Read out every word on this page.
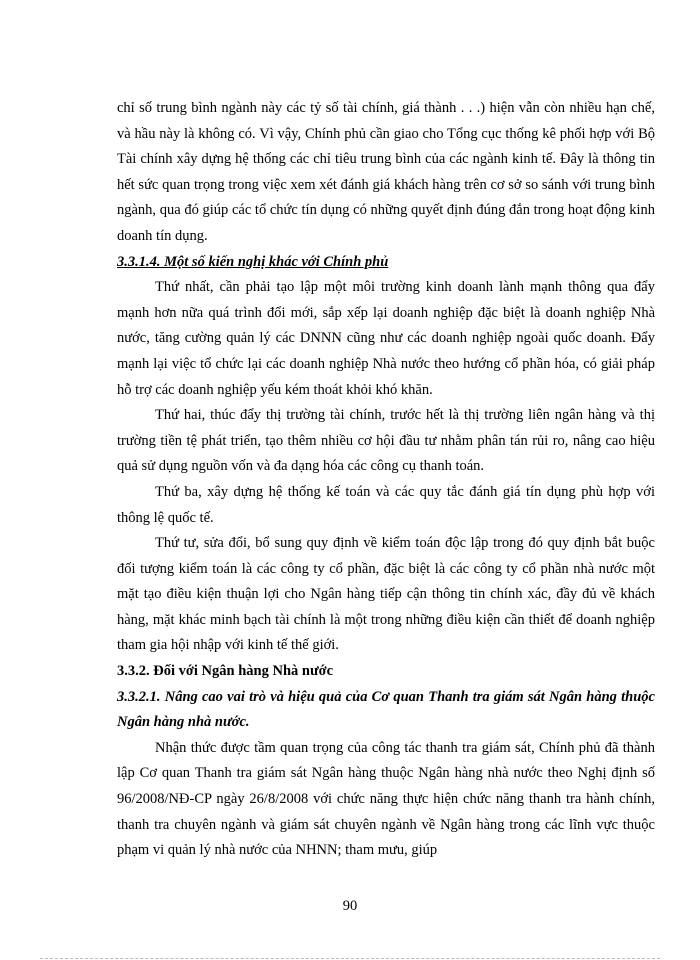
chỉ số trung bình ngành này các tỷ số tài chính, giá thành . . .) hiện vẫn còn nhiều hạn chế, và hầu này là không có. Vì vậy, Chính phủ cần giao cho Tổng cục thống kê phối hợp với Bộ Tài chính xây dựng hệ thống các chỉ tiêu trung bình của các ngành kinh tế. Đây là thông tin hết sức quan trọng trong việc xem xét đánh giá khách hàng trên cơ sở so sánh với trung bình ngành, qua đó giúp các tổ chức tín dụng có những quyết định đúng đắn trong hoạt động kinh doanh tín dụng.

3.3.1.4. Một số kiến nghị khác với Chính phủ

Thứ nhất, cần phải tạo lập một môi trường kinh doanh lành mạnh thông qua đẩy mạnh hơn nữa quá trình đổi mới, sắp xếp lại doanh nghiệp đặc biệt là doanh nghiệp Nhà nước, tăng cường quản lý các DNNN cũng như các doanh nghiệp ngoài quốc doanh. Đẩy mạnh lại việc tổ chức lại các doanh nghiệp Nhà nước theo hướng cổ phần hóa, có giải pháp hỗ trợ các doanh nghiệp yếu kém thoát khỏi khó khăn.

Thứ hai, thúc đẩy thị trường tài chính, trước hết là thị trường liên ngân hàng và thị trường tiền tệ phát triển, tạo thêm nhiều cơ hội đầu tư nhằm phân tán rủi ro, nâng cao hiệu quả sử dụng nguồn vốn và đa dạng hóa các công cụ thanh toán.

Thứ ba, xây dựng hệ thống kế toán và các quy tắc đánh giá tín dụng phù hợp với thông lệ quốc tế.

Thứ tư, sửa đổi, bổ sung quy định về kiểm toán độc lập trong đó quy định bắt buộc đối tượng kiểm toán là các công ty cổ phần, đặc biệt là các công ty cổ phần nhà nước một mặt tạo điều kiện thuận lợi cho Ngân hàng tiếp cận thông tin chính xác, đầy đủ về khách hàng, mặt khác minh bạch tài chính là một trong những điều kiện cần thiết để doanh nghiệp tham gia hội nhập với kinh tế thế giới.

3.3.2. Đối với Ngân hàng Nhà nước

3.3.2.1. Nâng cao vai trò và hiệu quả của Cơ quan Thanh tra giám sát Ngân hàng thuộc Ngân hàng nhà nước.

Nhận thức được tầm quan trọng của công tác thanh tra giám sát, Chính phủ đã thành lập Cơ quan Thanh tra giám sát Ngân hàng thuộc Ngân hàng nhà nước theo Nghị định số 96/2008/NĐ-CP ngày 26/8/2008 với chức năng thực hiện chức năng thanh tra hành chính, thanh tra chuyên ngành và giám sát chuyên ngành về Ngân hàng trong các lĩnh vực thuộc phạm vi quản lý nhà nước của NHNN; tham mưu, giúp

90
